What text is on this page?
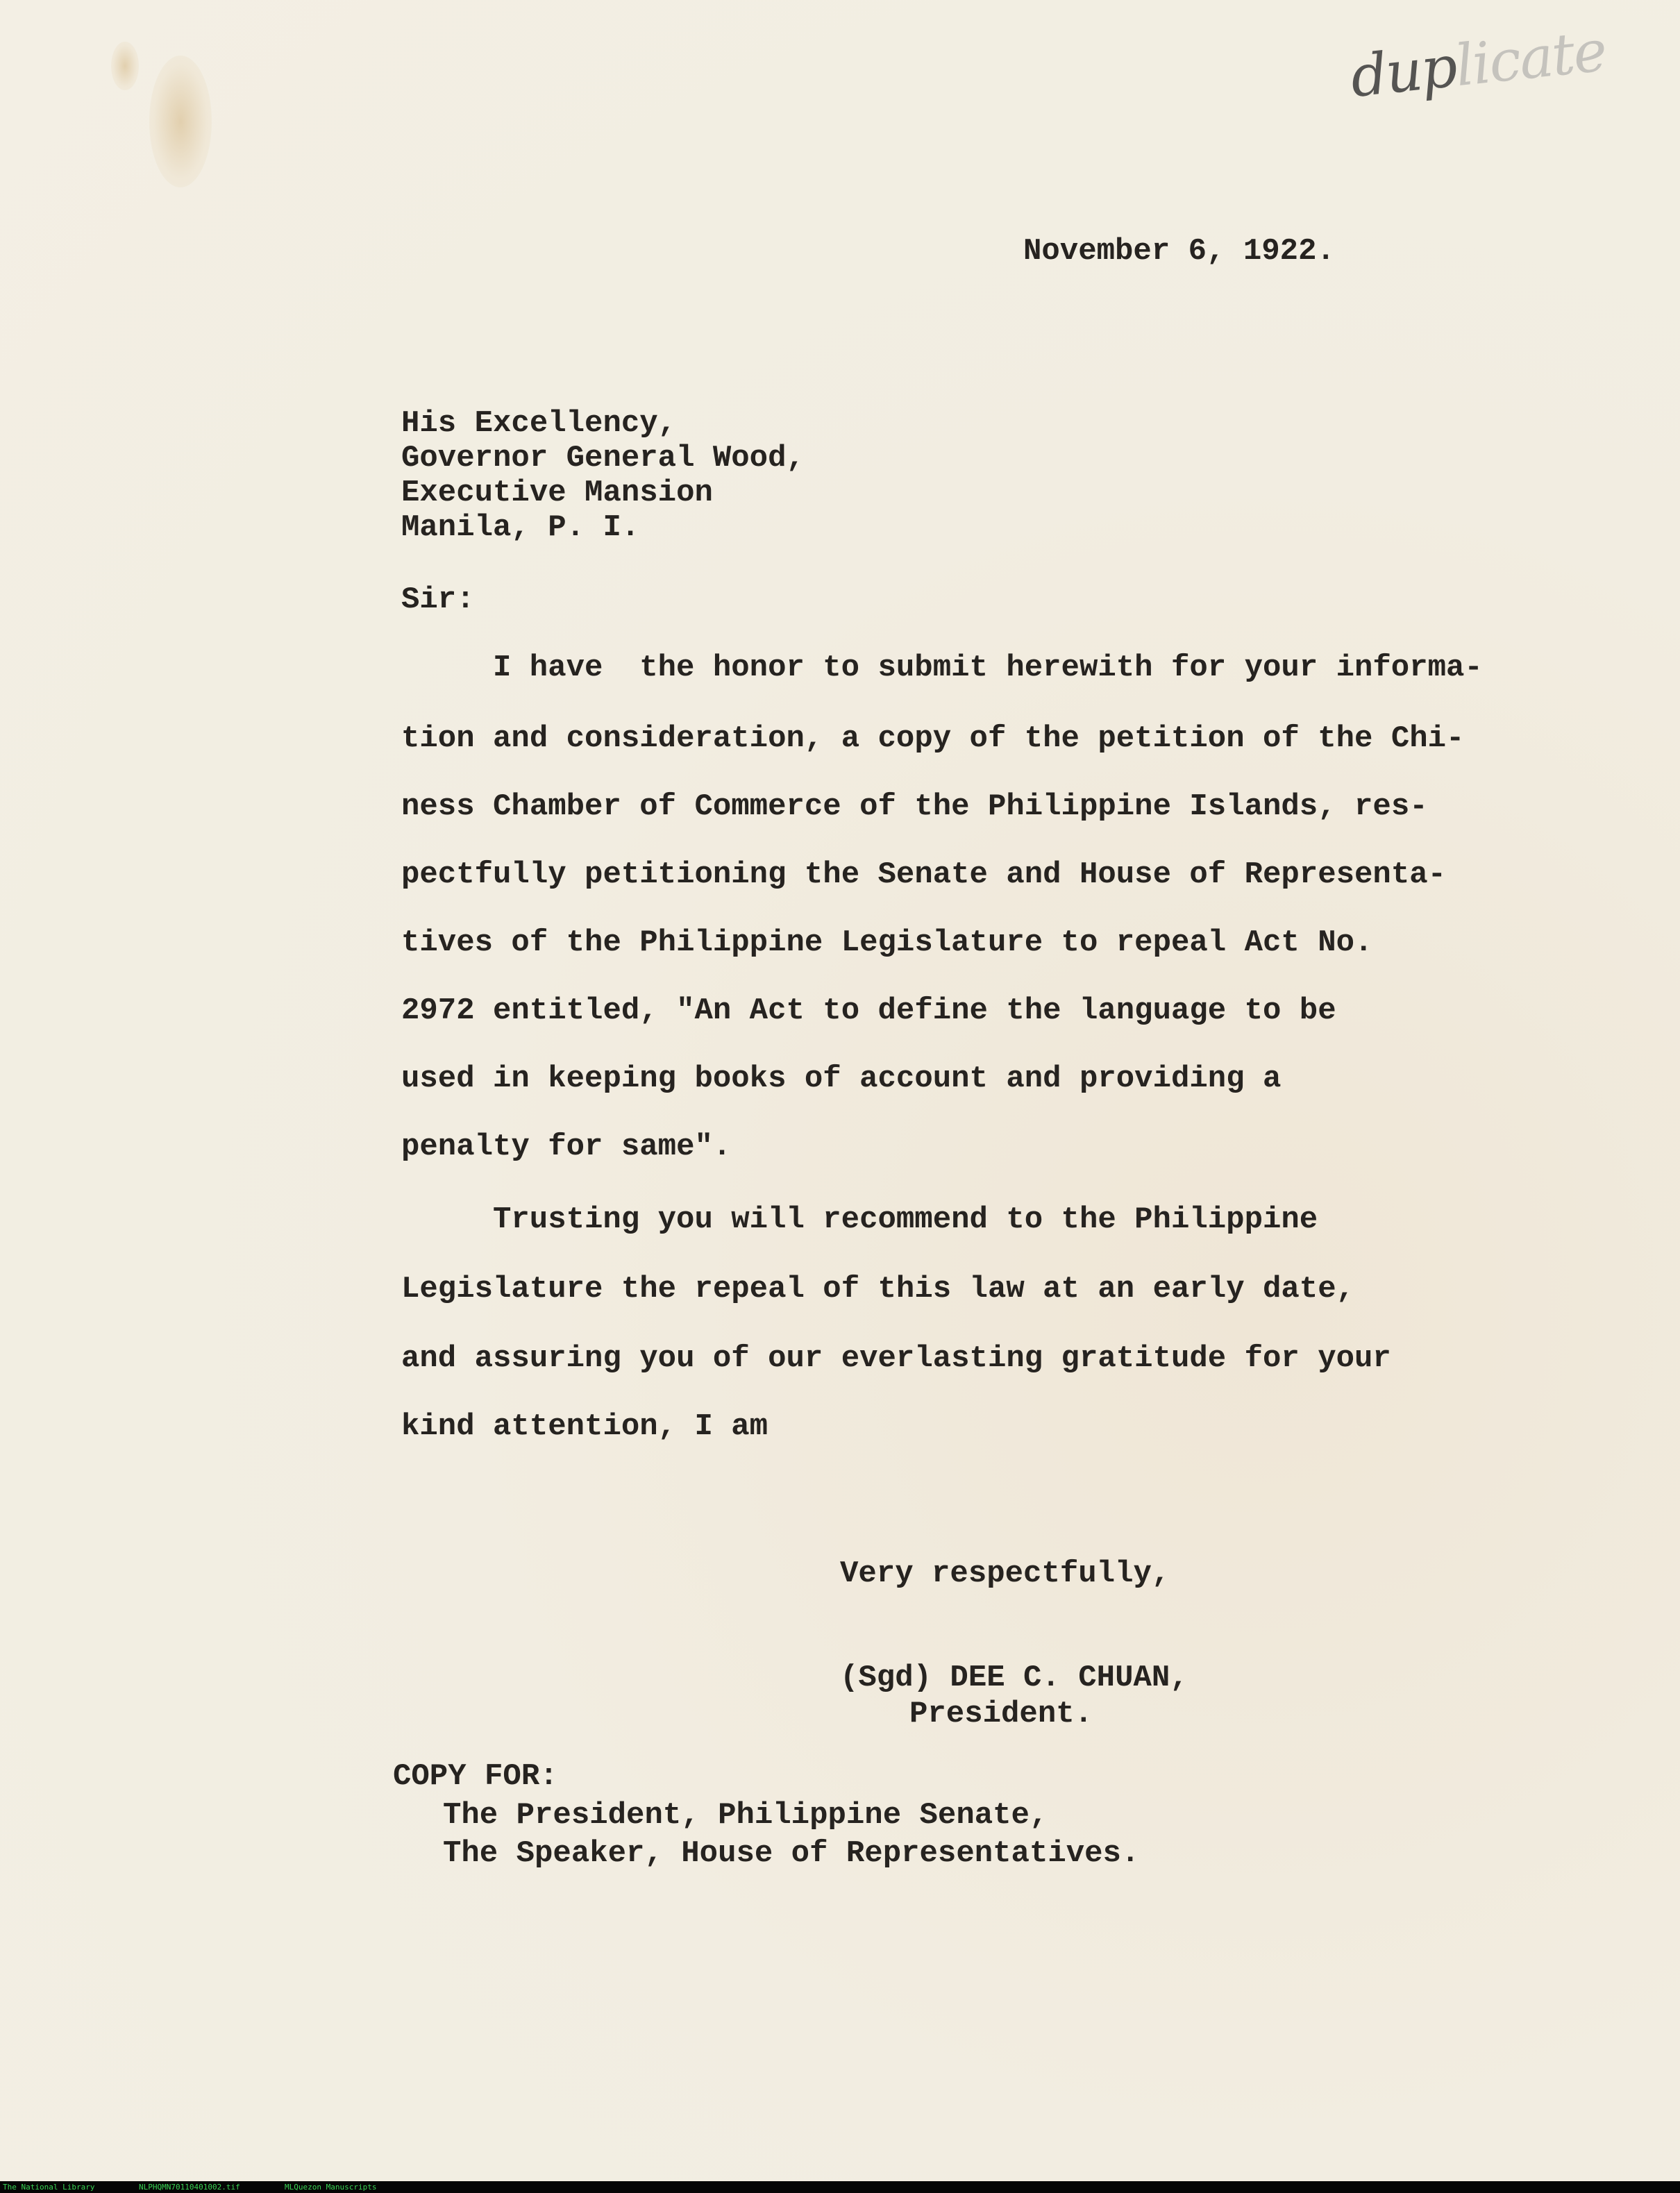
duplicate
November 6, 1922.
His Excellency,
Governor General Wood,
Executive Mansion
Manila, P. I.
Sir:
I have  the honor to submit herewith for your informa-
tion and consideration, a copy of the petition of the Chi-
ness Chamber of Commerce of the Philippine Islands, res-
pectfully petitioning the Senate and House of Representa-
tives of the Philippine Legislature to repeal Act No.
2972 entitled, "An Act to define the language to be
used in keeping books of account and providing a
penalty for same".
Trusting you will recommend to the Philippine
Legislature the repeal of this law at an early date,
and assuring you of our everlasting gratitude for your
kind attention, I am
Very respectfully,
(Sgd) DEE C. CHUAN,
President.
COPY FOR:
The President, Philippine Senate,
The Speaker, House of Representatives.
The National Library	NLPHQMN70110401002.tif	MLQuezon Manuscripts
